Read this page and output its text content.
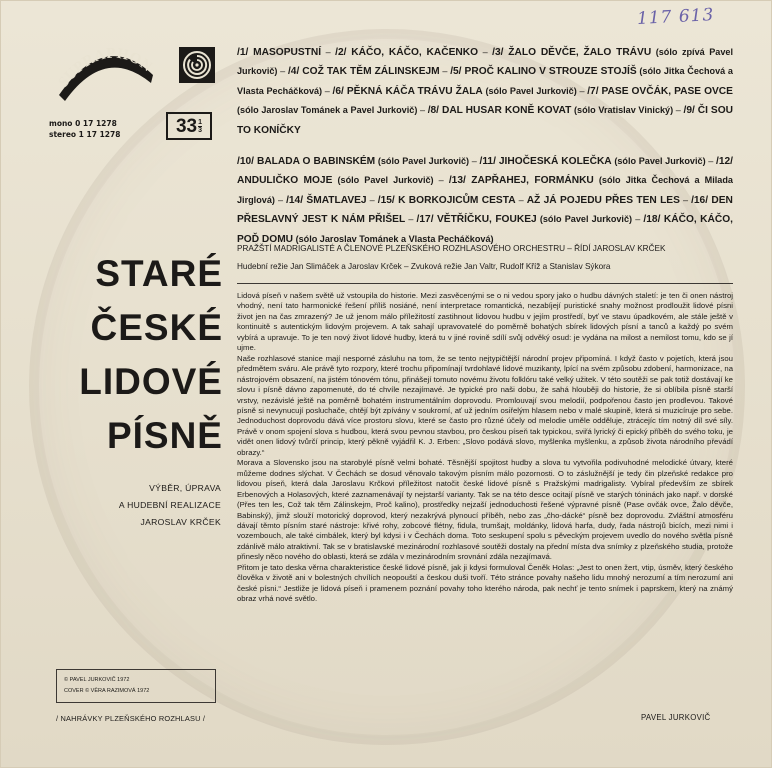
117 613
SUPRAPHON
mono 0 17 1278
stereo 1 17 1278	$33 \frac{1}{3}$
/1/ MASOPUSTNÍ – /2/ KÁČO, KÁČO, KAČENKO – /3/ ŽALO DĚVČE, ŽALO TRÁVU (sólo zpívá Pavel Jurkovič) – /4/ COŽ TAK TĚM ZÁLINSKEJM – /5/ PROČ KALINO V STROUZE STOJÍŠ (sólo Jitka Čechová a Vlasta Pecháčková) – /6/ PĚKNÁ KÁČA TRÁVU ŽALA (sólo Pavel Jurkovič) – /7/ PASE OVČÁK, PASE OVCE (sólo Jaroslav Tománek a Pavel Jurkovič) – /8/ DAL HUSAR KONĚ KOVAT (sólo Vratislav Vinický) – /9/ ČI SOU TO KONÍČKY
/10/ BALADA O BABINSKÉM (sólo Pavel Jurkovič) – /11/ JIHOČESKÁ KOLEČKA (sólo Pavel Jurkovič) – /12/ ANDULIČKO MOJE (sólo Pavel Jurkovič) – /13/ ZAPŘAHEJ, FORMÁNKU (sólo Jitka Čechová a Milada Jirglová) – /14/ ŠMATLAVEJ – /15/ K BORKOJICŮM CESTA – AŽ JÁ POJEDU PŘES TEN LES – /16/ DEN PŘESLAVNÝ JEST K NÁM PŘIŠEL – /17/ VĚTŘÍČKU, FOUKEJ (sólo Pavel Jurkovič) – /18/ KÁČO, KÁČO, POĎ DOMU (sólo Jaroslav Tománek a Vlasta Pecháčková)
PRAŽŠTÍ MADRIGALISTÉ A ČLENOVÉ PLZEŇSKÉHO ROZHLASOVÉHO ORCHESTRU – ŘÍDÍ JAROSLAV KRČEK
Hudební režie Jan Slimáček a Jaroslav Krček – Zvuková režie Jan Valtr, Rudolf Kříž a Stanislav Sýkora
STARÉ
ČESKÉ
LIDOVÉ
PÍSNĚ
VÝBĚR, ÚPRAVA
A HUDEBNÍ REALIZACE
JAROSLAV KRČEK

Lidová píseň v našem světě už vstoupila do historie. Mezi zasvěcenými se o ni vedou spory jako o hudbu dávných staletí: je ten či onen nástroj vhodný, není tato harmonické řešení příliš nosiáné, není interpretace romantická, nezabíjejí puristické snahy možnost prodloužit lidové písni život jen na čas zmrazený? Je už jenom málo příležitostí zastihnout lidovou hudbu v jejím prostředí, byť ve stavu úpadkovém, ale stále ještě v kontinuitě s autentickým lidovým projevem. A tak sahají upravovatelé do poměrně bohatých sbírek lidových písní a tanců a každý po svém vybírá a upravuje. To je ten nový život lidové hudby, která tu v jiné rovině sdílí svůj odvěký osud: je vydána na milost a nemilost tomu, kdo se jí ujme.

Naše rozhlasové stanice mají nesporné zásluhu na tom, že se tento nejtypičtější národní projev připomíná. I když často v pojetích, která jsou předmětem sváru. Ale právě tyto rozpory, které trochu připomínají tvrdohlavé lidové muzikanty, lpící na svém způsobu zdobení, harmonizace, na nástrojovém obsazení, na jistém tónovém tónu, přinášejí tomuto novému životu folklóru také velký užitek. V této soutěži se pak totiž dostávají ke slovu i písně dávno zapomenuté, do té chvíle nezajímavé. Je typické pro naši dobu, že sahá hlouběji do historie, že si oblíbila písně starší vrstvy, nezávislé ještě na poměrně bohatém instrumentálním doprovodu. Promlouvají svou melodií, podpořenou často jen prodlevou. Takové písně si nevynucují posluchače, chtějí být zpívány v soukromí, ať už jedním osiřelým hlasem nebo v malé skupině, která si muzicíruje pro sebe. Jednoduchost doprovodu dává více prostoru slovu, které se často pro různé účely od melodie uměle oddělujе, ztrácejíc tím notný díl své síly. Právě v onom spojení slova s hudbou, která svou pevnou stavbou, pro českou píseň tak typickou, sviřá lyrický či epický příběh do svého toku, je vidět onen lidový tvůrčí princip, který pěkně vyjádřil K. J. Erben: „Slovo podává slovo, myšlenka myšlenku, a způsob života národního převádí obrazy.“

Morava a Slovensko jsou na starobylé písně velmi bohaté. Těsnější spojitost hudby a slova tu vytvořila podivuhodné melodické útvary, které můžeme dodnes slýchat. V Čechách se dosud věnovalo takovým písním málo pozornosti. O to záslužnější je tedy čin plzeňské redakce pro lidovou píseň, která dala Jaroslavu Krčkovi příležitost natočit české lidové písně s Pražskými madrigalisty. Vybíral především ze sbírek Erbenových a Holasových, které zaznamenávají ty nejstarší varianty. Tak se na této desce ocitají písně ve starých tóninách jako např. v dorské (Přes ten les, Což tak těm Zálinskejm, Proč kalino), prostředky nejzaší jednoduchosti řešené výpravné písně (Pase ovčák ovce, Žalo děvče, Babinský), jimž slouží motorický doprovod, který nezakrývá plynoucí příběh, nebo zas „čho-dácké“ písně bez doprovodu. Zvláštní atmosféru dávají těmto písním staré nástroje: křivé rohy, zobcové flétny, fidula, trumšajt, moldánky, lidová harfa, dudy, řada nástrojů bicích, mezi nimi i vozembouch, ale také cimbálek, který byl kdysi i v Čechách doma. Toto seskupení spolu s pěveckým projevem uvedlo do nového světla písně zdánlivě málo atraktivní. Tak se v bratislavské mezinárodní rozhlasové soutěži dostaly na přední místa dva snímky z plzeňského studia, protože přinesly něco nového do oblasti, která se zdála v mezinárodním srovnání zdála nezajímavá.

Přitom je tato deska věrna charakteristice české lidové písně, jak ji kdysi formuloval Čeněk Holas: „Jest to onen žert, vtip, úsměv, který českého člověka v životě ani v bolestných chvílích neopouští a českou duši tvoří. Této stránce povahy našeho lidu mnohý nerozumí a tím nerozumí ani české písni.“ Jestliže je lidová píseň i pramenem poznání povahy toho kterého národa, pak nechť je tento snímek i paprskem, který na známý obraz vrhá nové světlo.

PAVEL JURKOVIČ
© PAVEL JURKOVIČ 1972
COVER © VĚRA RAZIMOVÁ 1972
/ NAHRÁVKY PLZEŇSKÉHO ROZHLASU /
